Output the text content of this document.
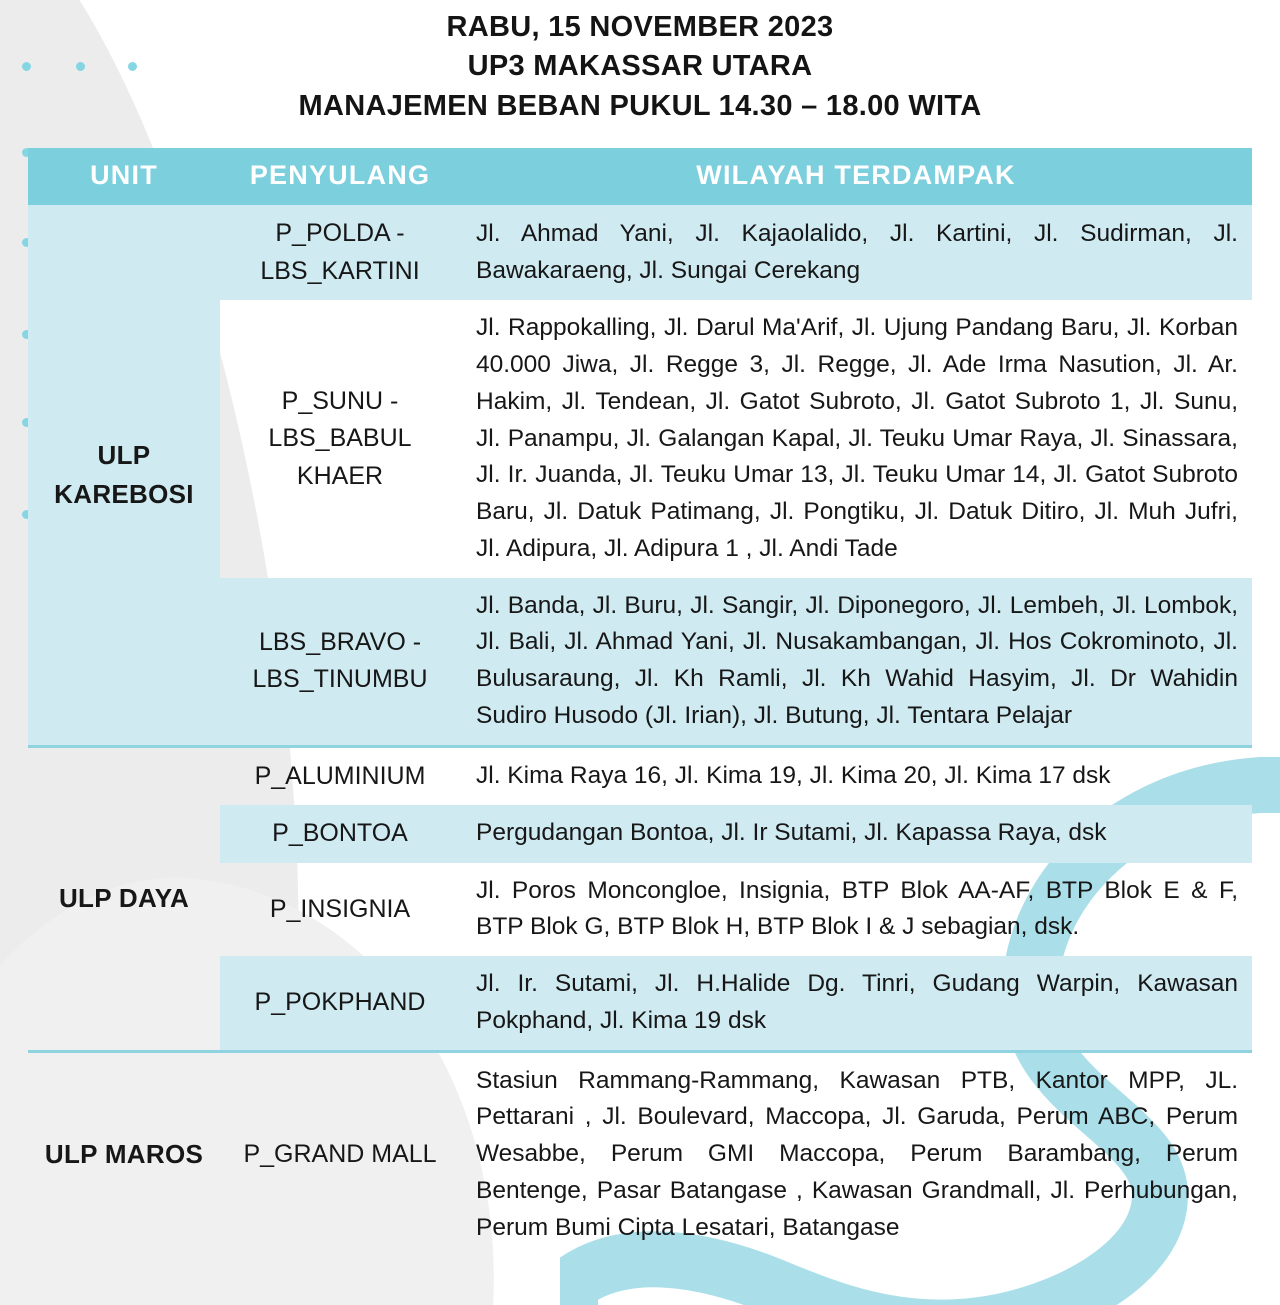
RABU, 15 NOVEMBER 2023
UP3 MAKASSAR UTARA
MANAJEMEN BEBAN PUKUL 14.30 – 18.00 WITA
UNIT	PENYULANG	WILAYAH TERDAMPAK
ULP KAREBOSI	P_POLDA - LBS_KARTINI	Jl. Ahmad Yani, Jl. Kajaolalido, Jl. Kartini, Jl. Sudirman, Jl. Bawakaraeng, Jl. Sungai Cerekang
	P_SUNU - LBS_BABUL KHAER	Jl. Rappokalling, Jl. Darul Ma'Arif, Jl. Ujung Pandang Baru, Jl. Korban 40.000 Jiwa, Jl. Regge 3, Jl. Regge, Jl. Ade Irma Nasution, Jl. Ar. Hakim, Jl. Tendean, Jl. Gatot Subroto, Jl. Gatot Subroto 1, Jl. Sunu, Jl. Panampu, Jl. Galangan Kapal, Jl. Teuku Umar Raya, Jl. Sinassara, Jl. Ir. Juanda, Jl. Teuku Umar 13, Jl. Teuku Umar 14, Jl. Gatot Subroto Baru, Jl. Datuk Patimang, Jl. Pongtiku, Jl. Datuk Ditiro, Jl. Muh Jufri, Jl. Adipura, Jl. Adipura 1 , Jl. Andi Tade
	LBS_BRAVO - LBS_TINUMBU	Jl. Banda, Jl. Buru, Jl. Sangir, Jl. Diponegoro, Jl. Lembeh, Jl. Lombok, Jl. Bali, Jl. Ahmad Yani, Jl. Nusakambangan, Jl. Hos Cokrominoto, Jl. Bulusaraung, Jl. Kh Ramli, Jl. Kh Wahid Hasyim, Jl. Dr Wahidin Sudiro Husodo (Jl. Irian), Jl. Butung, Jl. Tentara Pelajar

ULP DAYA	P_ALUMINIUM	Jl. Kima Raya 16, Jl. Kima 19, Jl. Kima 20, Jl. Kima 17 dsk
	P_BONTOA	Pergudangan Bontoa, Jl. Ir Sutami, Jl. Kapassa Raya, dsk
	P_INSIGNIA	Jl. Poros Moncongloe, Insignia, BTP Blok AA-AF, BTP Blok E & F, BTP Blok G, BTP Blok H, BTP Blok I & J sebagian, dsk.
	P_POKPHAND	Jl. Ir. Sutami, Jl. H.Halide Dg. Tinri, Gudang Warpin, Kawasan Pokphand, Jl. Kima 19 dsk

ULP MAROS	P_GRAND MALL	Stasiun Rammang-Rammang, Kawasan PTB, Kantor MPP, JL. Pettarani , Jl. Boulevard, Maccopa, Jl. Garuda, Perum ABC, Perum Wesabbe, Perum GMI Maccopa, Perum Barambang, Perum Bentenge, Pasar Batangase , Kawasan Grandmall, Jl. Perhubungan, Perum Bumi Cipta Lesatari, Batangase
